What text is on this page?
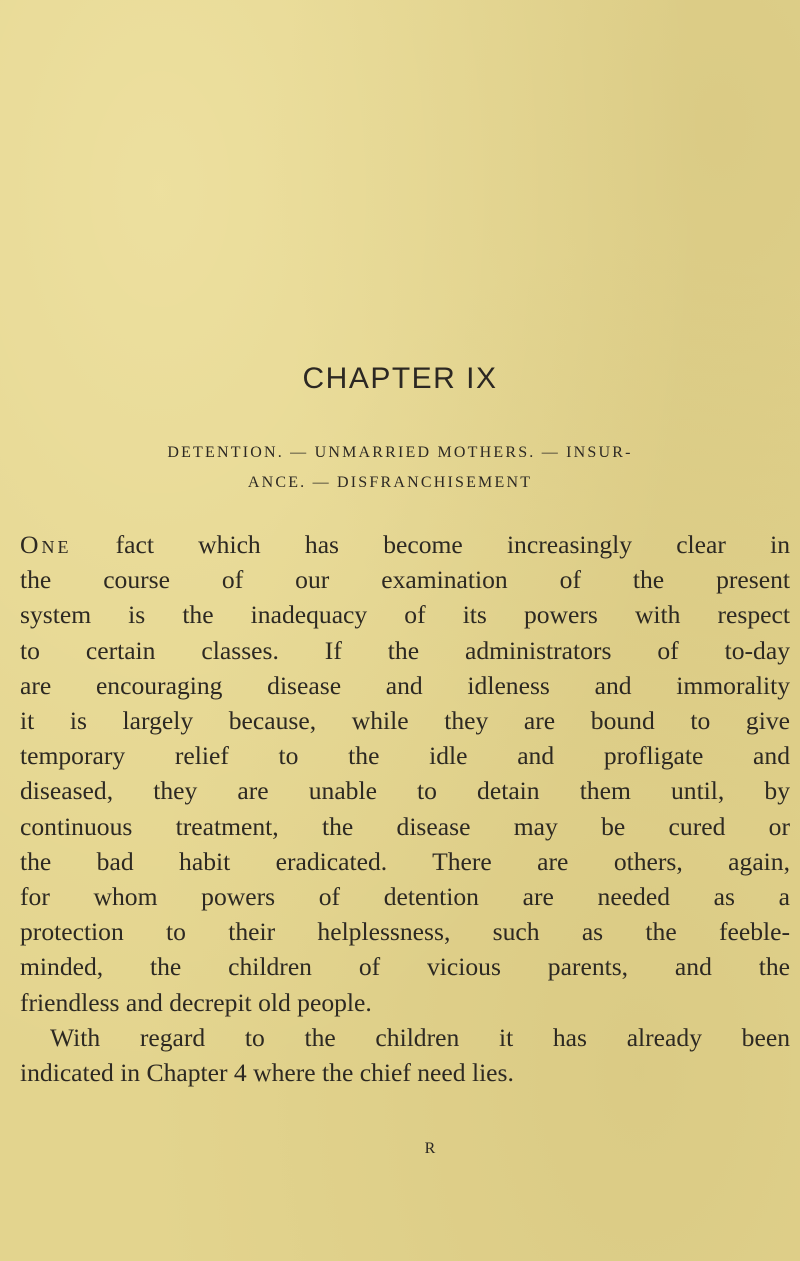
CHAPTER IX
DETENTION. — UNMARRIED MOTHERS. — INSUR-
ANCE. — DISFRANCHISEMENT
One fact which has become increasingly clear in
the course of our examination of the present
system is the inadequacy of its powers with respect
to certain classes. If the administrators of to-day
are encouraging disease and idleness and immorality
it is largely because, while they are bound to give
temporary relief to the idle and profligate and
diseased, they are unable to detain them until, by
continuous treatment, the disease may be cured or
the bad habit eradicated. There are others, again,
for whom powers of detention are needed as a
protection to their helplessness, such as the feeble-
minded, the children of vicious parents, and the
friendless and decrepit old people.
With regard to the children it has already been
indicated in Chapter 4 where the chief need lies.
R
